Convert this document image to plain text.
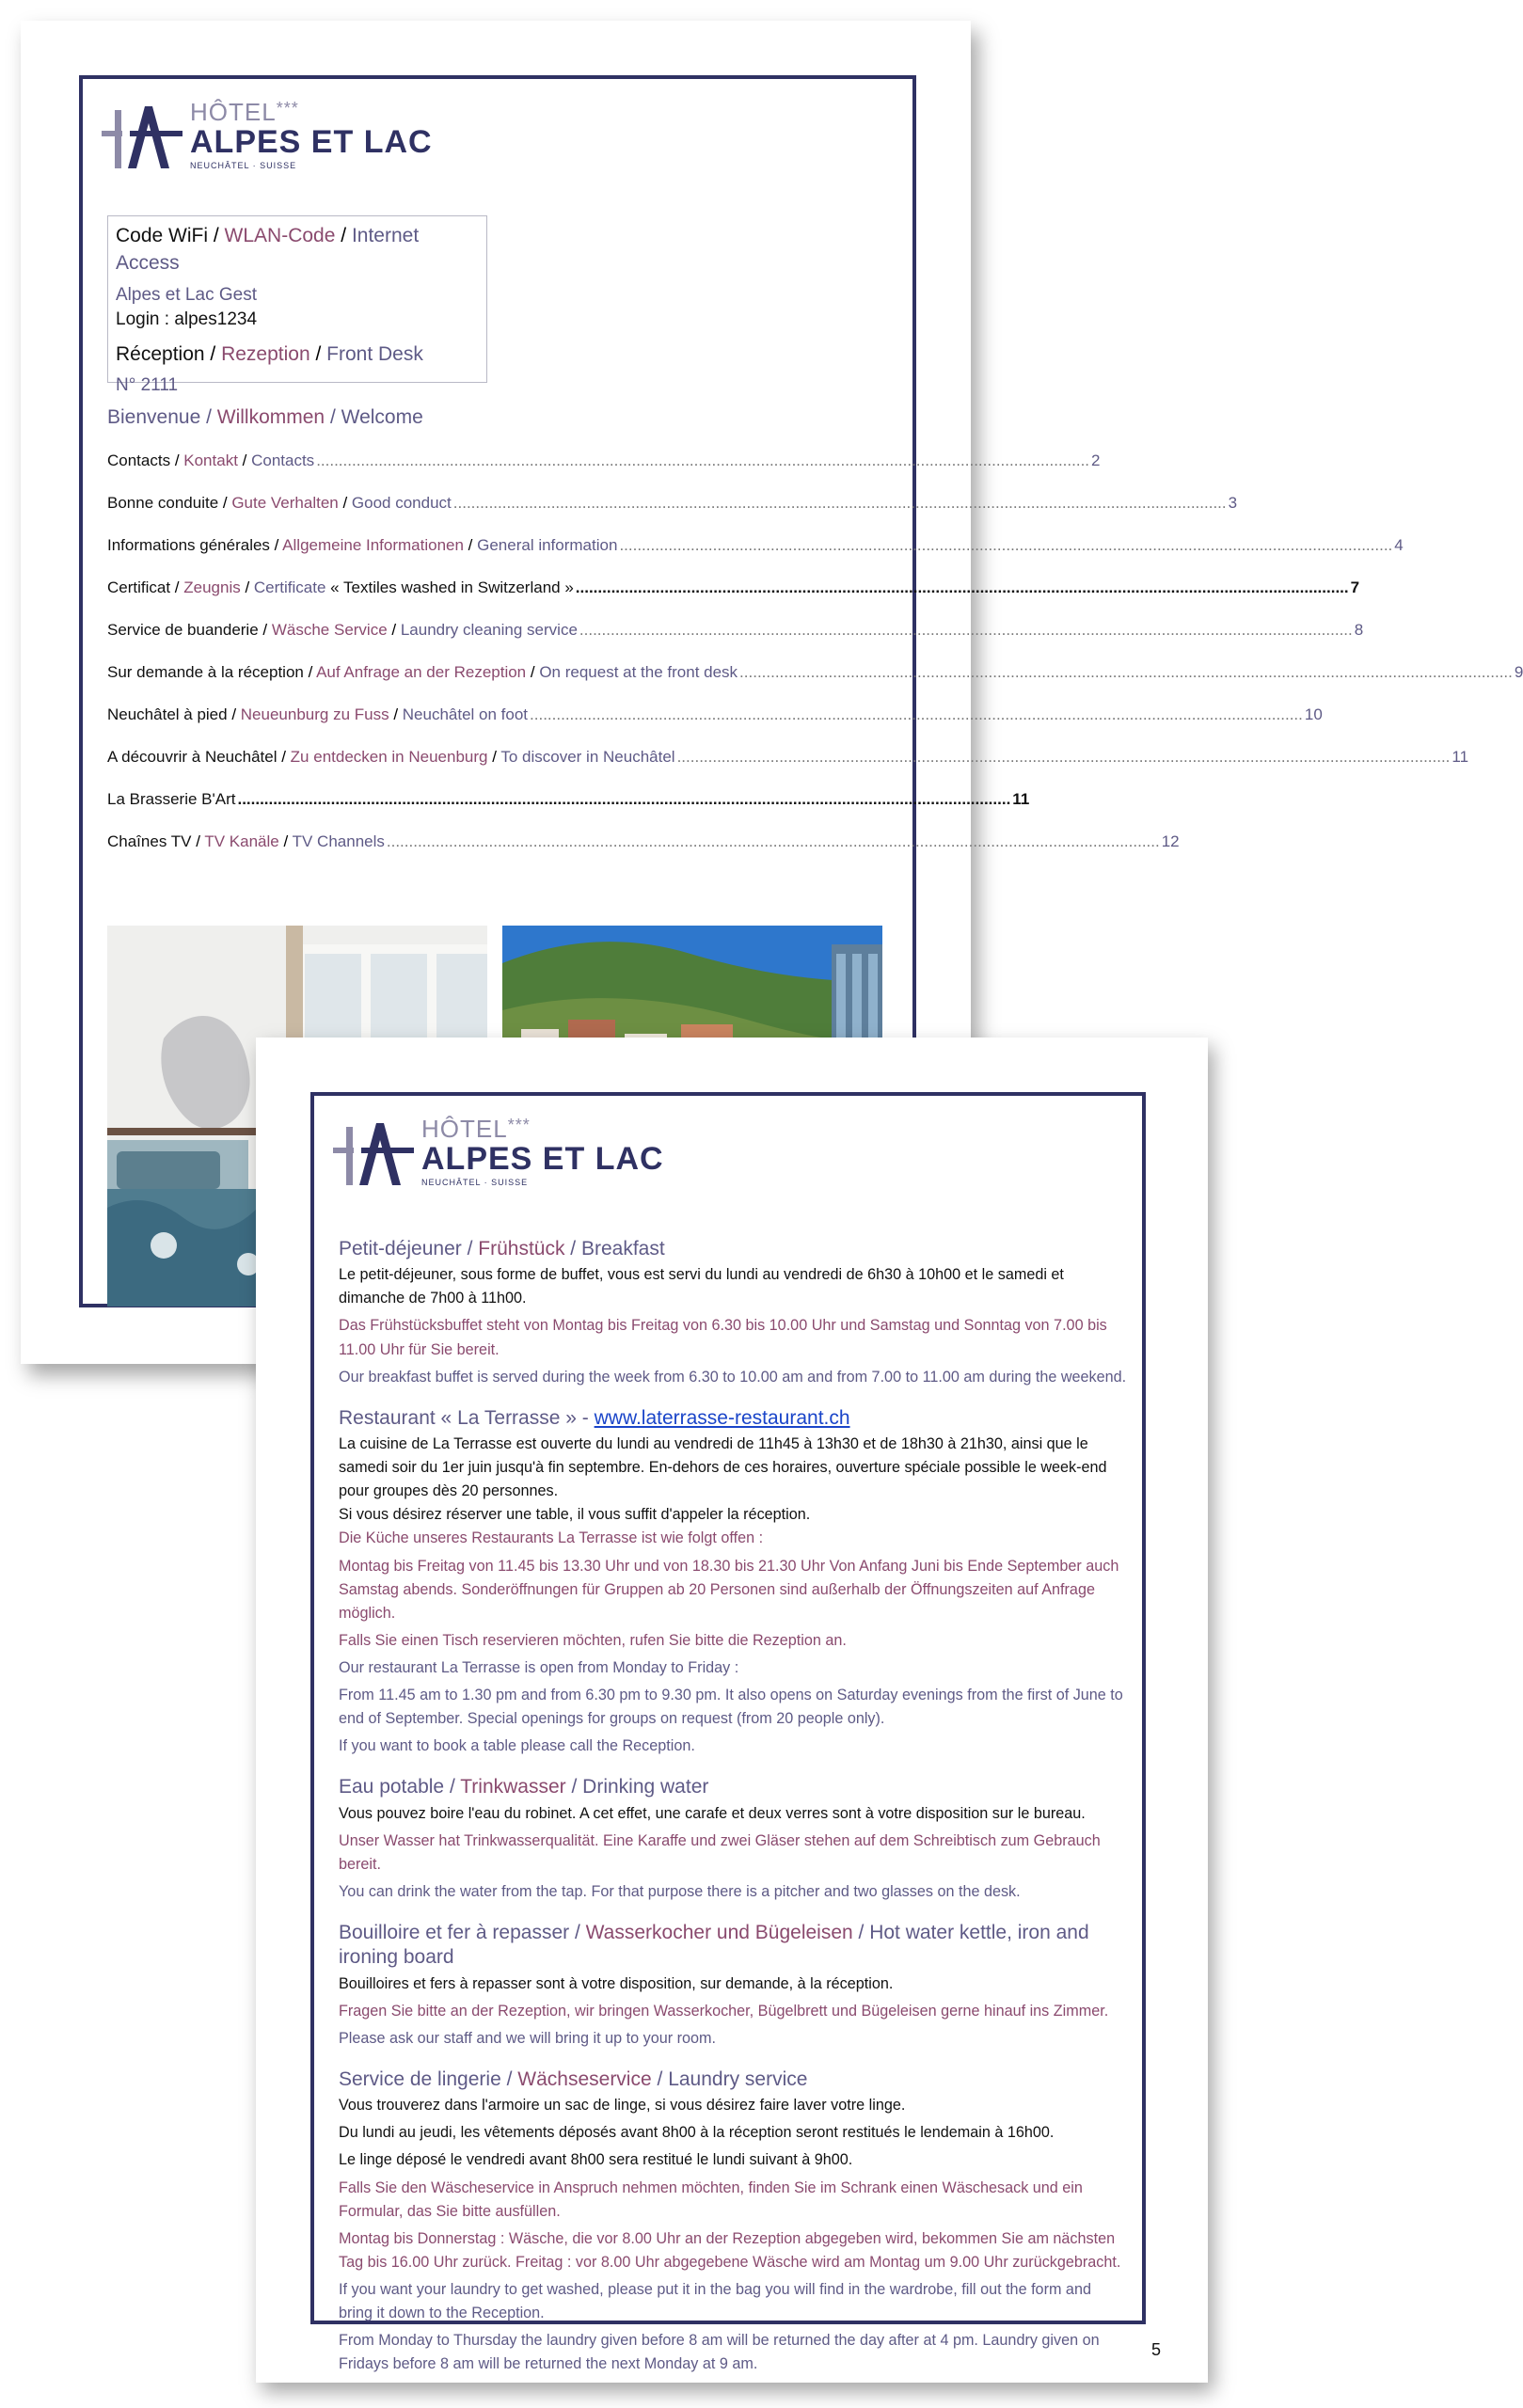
HÔTEL***
ALPES ET LAC
NEUCHÂTEL · SUISSE
Code WiFi / WLAN-Code / Internet Access
Alpes et Lac Gest
Login : alpes1234
Réception / Rezeption / Front Desk
N° 2111
Bienvenue / Willkommen / Welcome
Contacts / Kontakt / Contacts .............................................................................................................................................................................. 2
Bonne conduite / Gute Verhalten / Good conduct .............................................................................................................................................................................. 3
Informations générales / Allgemeine Informationen / General information .............................................................................................................................................................................. 4
Certificat / Zeugnis / Certificate « Textiles washed in Switzerland » .............................................................................................................................................................................. 7
Service de buanderie / Wäsche Service / Laundry cleaning service .............................................................................................................................................................................. 8
Sur demande à la réception / Auf Anfrage an der Rezeption / On request at the front desk .............................................................................................................................................................................. 9
Neuchâtel à pied / Neueunburg zu Fuss / Neuchâtel on foot .............................................................................................................................................................................. 10
A découvrir à Neuchâtel / Zu entdecken in Neuenburg / To discover in Neuchâtel .............................................................................................................................................................................. 11
La Brasserie B'Art .............................................................................................................................................................................. 11
Chaînes TV / TV Kanäle / TV Channels .............................................................................................................................................................................. 12
HÔTEL***
ALPES ET LAC
NEUCHÂTEL · SUISSE
Petit-déjeuner / Frühstück / Breakfast

Le petit-déjeuner, sous forme de buffet, vous est servi du lundi au vendredi de 6h30 à 10h00 et le samedi et dimanche de 7h00 à 11h00.

Das Frühstücksbuffet steht von Montag bis Freitag von 6.30 bis 10.00 Uhr und Samstag und Sonntag von 7.00 bis 11.00 Uhr für Sie bereit.

Our breakfast buffet is served during the week from 6.30 to 10.00 am and from 7.00 to 11.00 am during the weekend.

Restaurant « La Terrasse » - www.laterrasse-restaurant.ch

La cuisine de La Terrasse est ouverte du lundi au vendredi de 11h45 à 13h30 et de 18h30 à 21h30, ainsi que le samedi soir du 1er juin jusqu'à fin septembre. En-dehors de ces horaires, ouverture spéciale possible le week-end pour groupes dès 20 personnes.

Si vous désirez réserver une table, il vous suffit d'appeler la réception.

Die Küche unseres Restaurants La Terrasse ist wie folgt offen :

Montag bis Freitag von 11.45 bis 13.30 Uhr und von 18.30 bis 21.30 Uhr Von Anfang Juni bis Ende September auch Samstag abends. Sonderöffnungen für Gruppen ab 20 Personen sind außerhalb der Öffnungszeiten auf Anfrage möglich.

Falls Sie einen Tisch reservieren möchten, rufen Sie bitte die Rezeption an.

Our restaurant La Terrasse is open from Monday to Friday :

From 11.45 am to 1.30 pm and from 6.30 pm to 9.30 pm. It also opens on Saturday evenings from the first of June to end of September. Special openings for groups on request (from 20 people only).

If you want to book a table please call the Reception.

Eau potable / Trinkwasser / Drinking water

Vous pouvez boire l'eau du robinet. A cet effet, une carafe et deux verres sont à votre disposition sur le bureau.

Unser Wasser hat Trinkwasserqualität. Eine Karaffe und zwei Gläser stehen auf dem Schreibtisch zum Gebrauch bereit.

You can drink the water from the tap. For that purpose there is a pitcher and two glasses on the desk.

Bouilloire et fer à repasser / Wasserkocher und Bügeleisen / Hot water kettle, iron and ironing board

Bouilloires et fers à repasser sont à votre disposition, sur demande, à la réception.

Fragen Sie bitte an der Rezeption, wir bringen Wasserkocher, Bügelbrett und Bügeleisen gerne hinauf ins Zimmer.

Please ask our staff and we will bring it up to your room.

Service de lingerie / Wächseservice / Laundry service

Vous trouverez dans l'armoire un sac de linge, si vous désirez faire laver votre linge.

Du lundi au jeudi, les vêtements déposés avant 8h00 à la réception seront restitués le lendemain à 16h00.

Le linge déposé le vendredi avant 8h00 sera restitué le lundi suivant à 9h00.

Falls Sie den Wäscheservice in Anspruch nehmen möchten, finden Sie im Schrank einen Wäschesack und ein Formular, das Sie bitte ausfüllen.

Montag bis Donnerstag : Wäsche, die vor 8.00 Uhr an der Rezeption abgegeben wird, bekommen Sie am nächsten Tag bis 16.00 Uhr zurück. Freitag : vor 8.00 Uhr abgegebene Wäsche wird am Montag um 9.00 Uhr zurückgebracht.

If you want your laundry to get washed, please put it in the bag you will find in the wardrobe, fill out the form and bring it down to the Reception.

From Monday to Thursday the laundry given before 8 am will be returned the day after at 4 pm. Laundry given on Fridays before 8 am will be returned the next Monday at 9 am.

5
